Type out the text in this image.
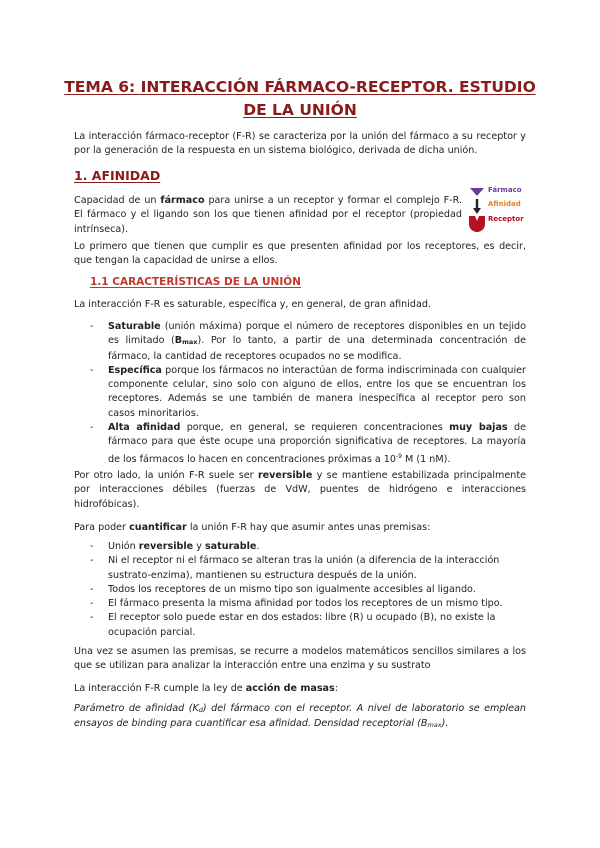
TEMA 6: INTERACCIÓN FÁRMACO-RECEPTOR. ESTUDIO DE LA UNIÓN

La interacción fármaco-receptor (F-R) se caracteriza por la unión del fármaco a su receptor y por la generación de la respuesta en un sistema biológico, derivada de dicha unión.

1. AFINIDAD

Capacidad de un fármaco para unirse a un receptor y formar el complejo F-R. El fármaco y el ligando son los que tienen afinidad por el receptor (propiedad intrínseca).

Fármaco
Afinidad
Receptor

Lo primero que tienen que cumplir es que presenten afinidad por los receptores, es decir, que tengan la capacidad de unirse a ellos.

1.1 CARACTERÍSTICAS DE LA UNIÓN

La interacción F-R es saturable, específica y, en general, de gran afinidad.

- Saturable (unión máxima) porque el número de receptores disponibles en un tejido es limitado (Bmax). Por lo tanto, a partir de una determinada concentración de fármaco, la cantidad de receptores ocupados no se modifica.
- Específica porque los fármacos no interactúan de forma indiscriminada con cualquier componente celular, sino solo con alguno de ellos, entre los que se encuentran los receptores. Además se une también de manera inespecífica al receptor pero son casos minoritarios.
- Alta afinidad porque, en general, se requieren concentraciones muy bajas de fármaco para que éste ocupe una proporción significativa de receptores. La mayoría de los fármacos lo hacen en concentraciones próximas a $10^{-9}$ M (1 nM).

Por otro lado, la unión F-R suele ser reversible y se mantiene estabilizada principalmente por interacciones débiles (fuerzas de VdW, puentes de hidrógeno e interacciones hidrofóbicas).

Para poder cuantificar la unión F-R hay que asumir antes unas premisas:

- Unión reversible y saturable.
- Ni el receptor ni el fármaco se alteran tras la unión (a diferencia de la interacción sustrato-enzima), mantienen su estructura después de la unión.
- Todos los receptores de un mismo tipo son igualmente accesibles al ligando.
- El fármaco presenta la misma afinidad por todos los receptores de un mismo tipo.
- El receptor solo puede estar en dos estados: libre (R) u ocupado (B), no existe la ocupación parcial.

Una vez se asumen las premisas, se recurre a modelos matemáticos sencillos similares a los que se utilizan para analizar la interacción entre una enzima y su sustrato

La interacción F-R cumple la ley de acción de masas:

Parámetro de afinidad (Kd) del fármaco con el receptor. A nivel de laboratorio se emplean ensayos de binding para cuantificar esa afinidad. Densidad receptorial (Bmax).
